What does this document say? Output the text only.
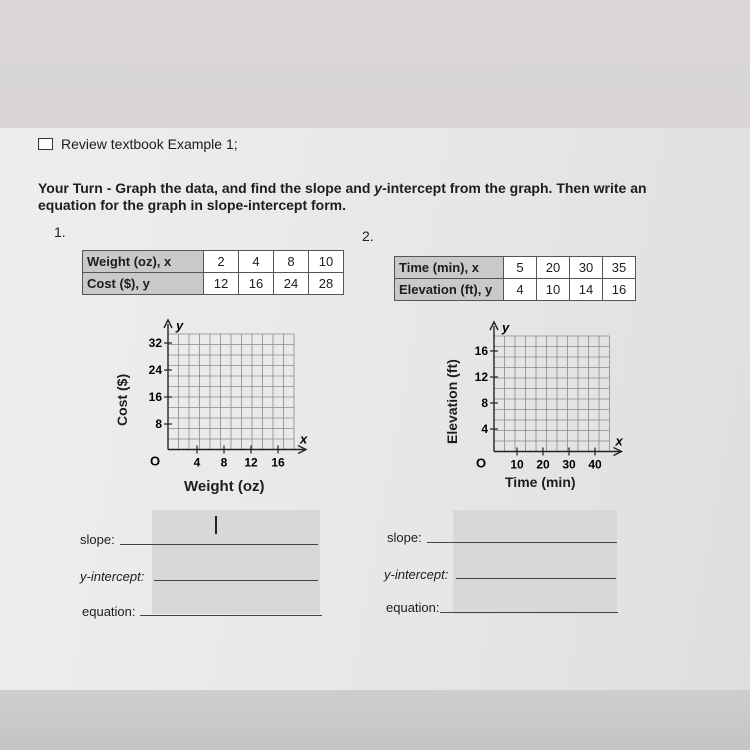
Review textbook Example 1;
Your Turn - Graph the data, and find the slope and y-intercept from the graph. Then write an equation for the graph in slope-intercept form.
1.	2.
Weight (oz), x	2	4	8	10
Cost ($), y	12	16	24	28
Time (min), x	5	20	30	35
Elevation (ft), y	4	10	14	16
y
x
O
32
24
16
8
4 8 12 16
Cost ($)
Weight (oz)
y
x
O
16
12
8
4
10 20 30 40
Elevation (ft)
Time (min)
slope:
y-intercept:
equation:
slope:
y-intercept:
equation:
